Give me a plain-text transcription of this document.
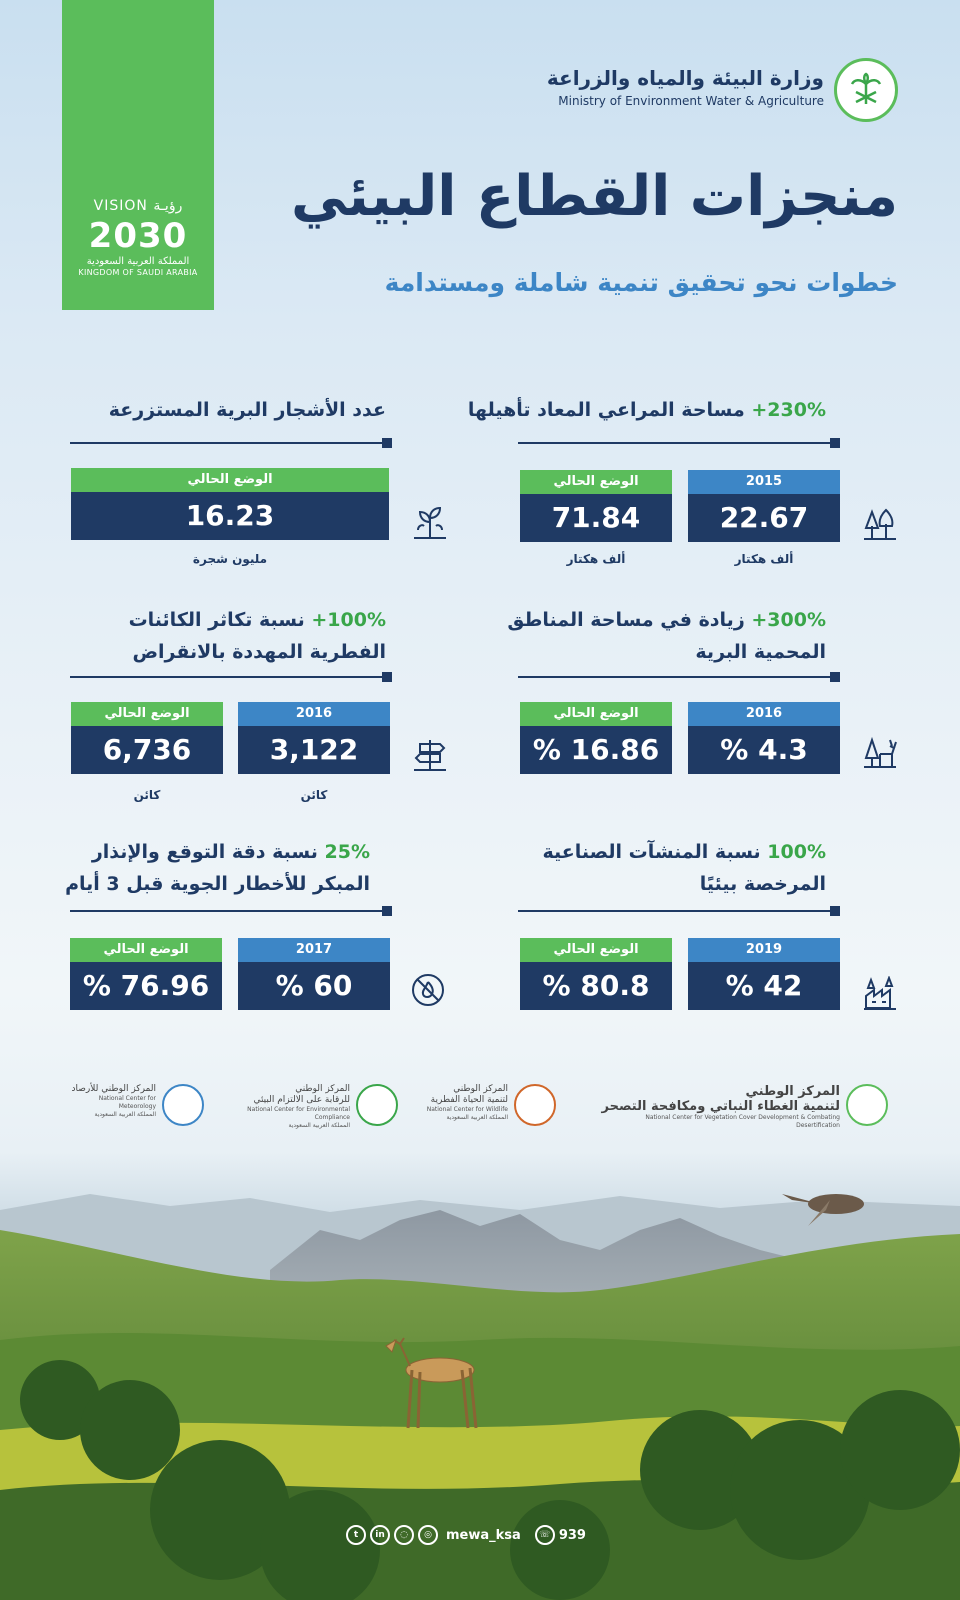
VISION رؤيـة
2030
المملكة العربية السعودية
KINGDOM OF SAUDI ARABIA
وزارة البيئة والمياه والزراعة
Ministry of Environment Water & Agriculture
منجزات القطاع البيئي
خطوات نحو تحقيق تنمية شاملة ومستدامة
+230% مساحة المراعي المعاد تأهيلها
2015
22.67
الوضع الحالي
71.84
ألف هكتار
ألف هكتار
عدد الأشجار البرية المستزرعة
الوضع الحالي
16.23
مليون شجرة
+300% زيادة في مساحة المناطق
المحمية البرية
2016
% 4.3
الوضع الحالي
% 16.86
+100% نسبة تكاثر الكائنات
الفطرية المهددة بالانقراض
2016
3,122
الوضع الحالي
6,736
كائن
كائن
100% نسبة المنشآت الصناعية
المرخصة بيئيًا
2019
% 42
الوضع الحالي
% 80.8
25% نسبة دقة التوقع والإنذار
المبكر للأخطار الجوية قبل 3 أيام
2017
% 60
الوضع الحالي
% 76.96
المركز الوطني
لتنمية الغطاء النباتي ومكافحة التصحر
National Center for Vegetation Cover Development & Combating Desertification
المركز الوطني
لتنمية الحياة الفطرية
National Center for Wildlife
المملكة العربية السعودية
المركز الوطني
للرقابة على الالتزام البيئي
National Center for Environmental Compliance
المملكة العربية السعودية
المركز الوطني للأرصاد
National Center for Meteorology
المملكة العربية السعودية
t	in	◌	◎	mewa_ksa	☏ 939
